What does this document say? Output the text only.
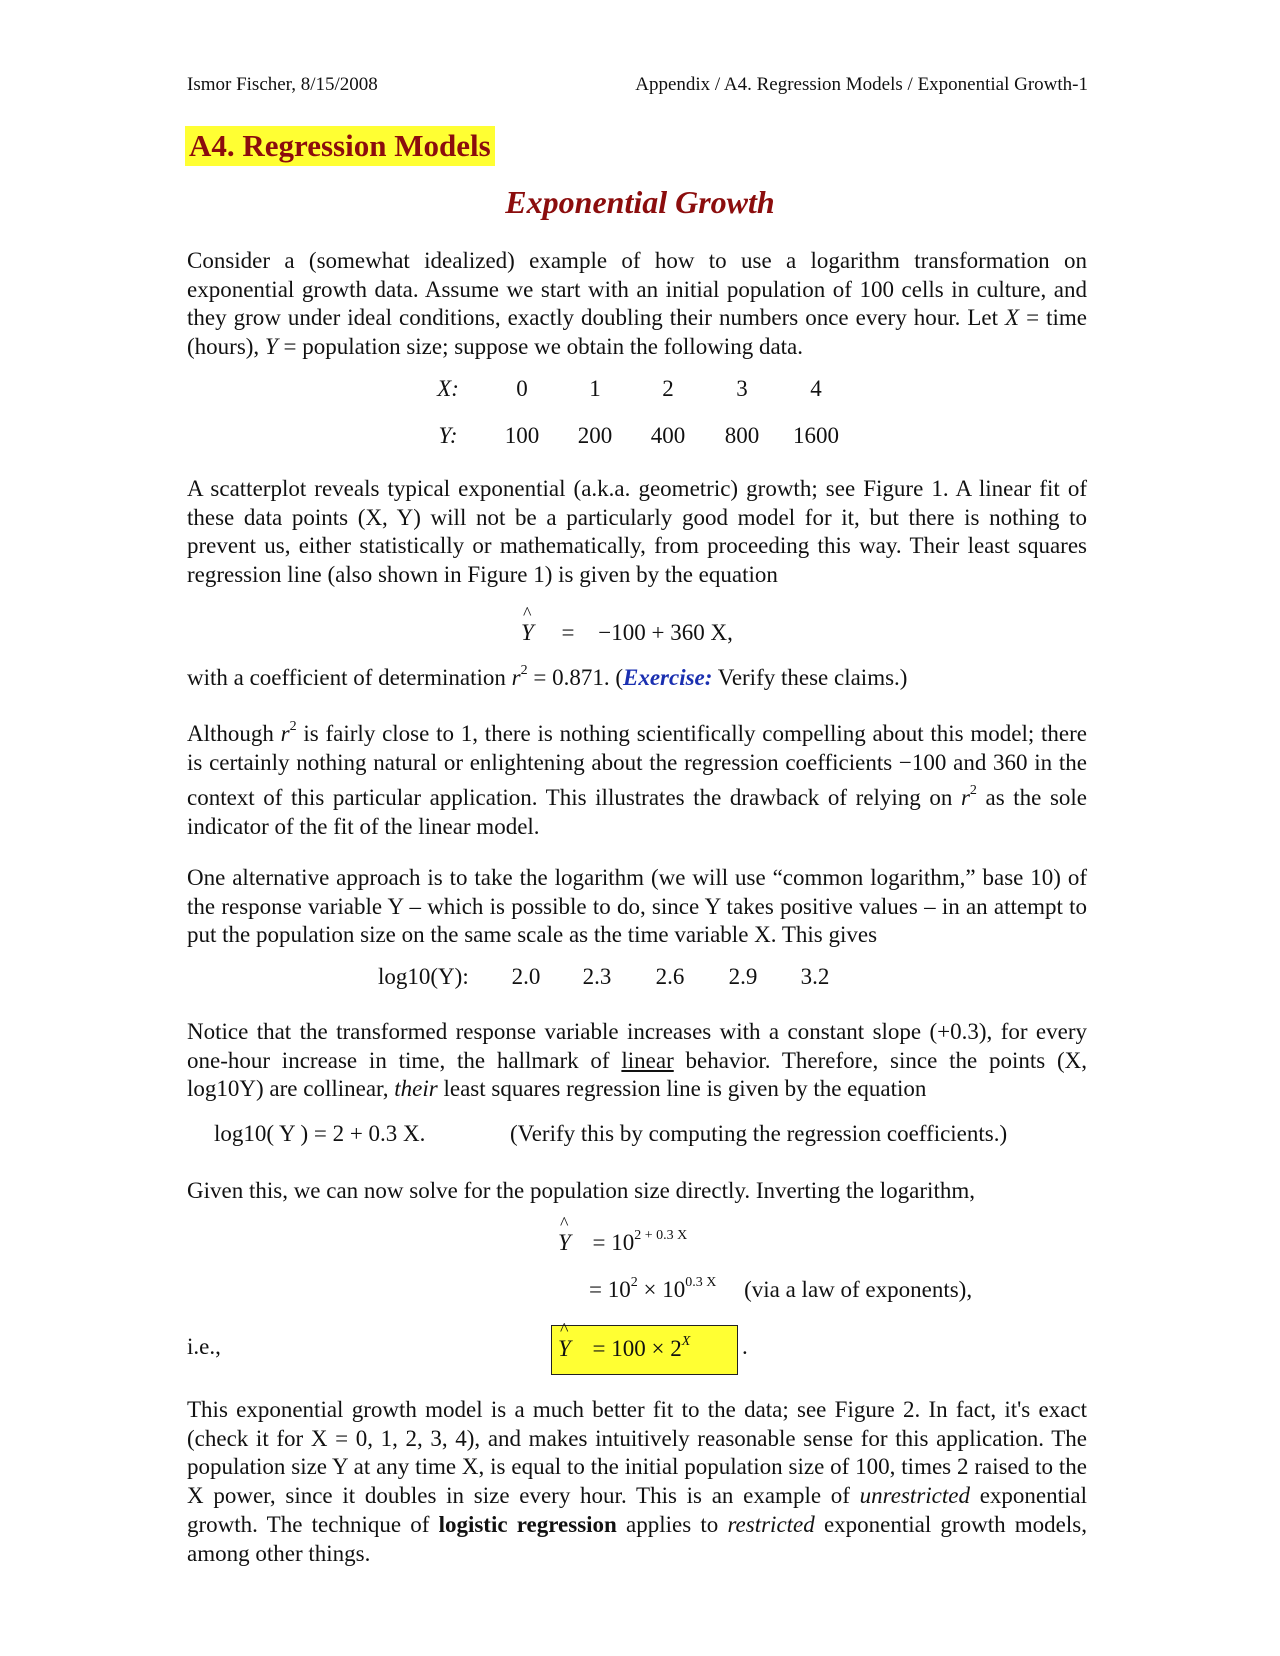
Ismor Fischer, 8/15/2008	Appendix / A4. Regression Models / Exponential Growth-1
A4. Regression Models
Exponential Growth

Consider a (somewhat idealized) example of how to use a logarithm transformation on exponential growth data. Assume we start with an initial population of 100 cells in culture, and they grow under ideal conditions, exactly doubling their numbers once every hour. Let X = time (hours), Y = population size; suppose we obtain the following data.

X:	0	1	2	3	4
Y:	100	200	400	800	1600

A scatterplot reveals typical exponential (a.k.a. geometric) growth; see Figure 1. A linear fit of these data points (X, Y) will not be a particularly good model for it, but there is nothing to prevent us, either statistically or mathematically, from proceeding this way. Their least squares regression line (also shown in Figure 1) is given by the equation

^ Y = −100 + 360 X,

with a coefficient of determination $r^2 = 0.871$. (Exercise: Verify these claims.)

Although $r^2$ is fairly close to 1, there is nothing scientifically compelling about this model; there is certainly nothing natural or enlightening about the regression coefficients −100 and 360 in the context of this particular application. This illustrates the drawback of relying on $r^2$ as the sole indicator of the fit of the linear model.

One alternative approach is to take the logarithm (we will use “common logarithm,” base 10) of the response variable Y – which is possible to do, since Y takes positive values – in an attempt to put the population size on the same scale as the time variable X. This gives

log10(Y):	2.0	2.3	2.6	2.9	3.2

Notice that the transformed response variable increases with a constant slope (+0.3), for every one-hour increase in time, the hallmark of linear behavior. Therefore, since the points (X, log10Y) are collinear, their least squares regression line is given by the equation

log10( Y ) = 2 + 0.3 X.	(Verify this by computing the regression coefficients.)

Given this, we can now solve for the population size directly. Inverting the logarithm,

^ $Y = 10^{2 + 0.3 X}$
= $10^2 \times 10^{0.3 X}$ (via a law of exponents),
i.e.,
^	$Y = 100 \times 2^X$ .

This exponential growth model is a much better fit to the data; see Figure 2. In fact, it's exact (check it for X = 0, 1, 2, 3, 4), and makes intuitively reasonable sense for this application. The population size Y at any time X, is equal to the initial population size of 100, times 2 raised to the X power, since it doubles in size every hour. This is an example of unrestricted exponential growth. The technique of logistic regression applies to restricted exponential growth models, among other things.
